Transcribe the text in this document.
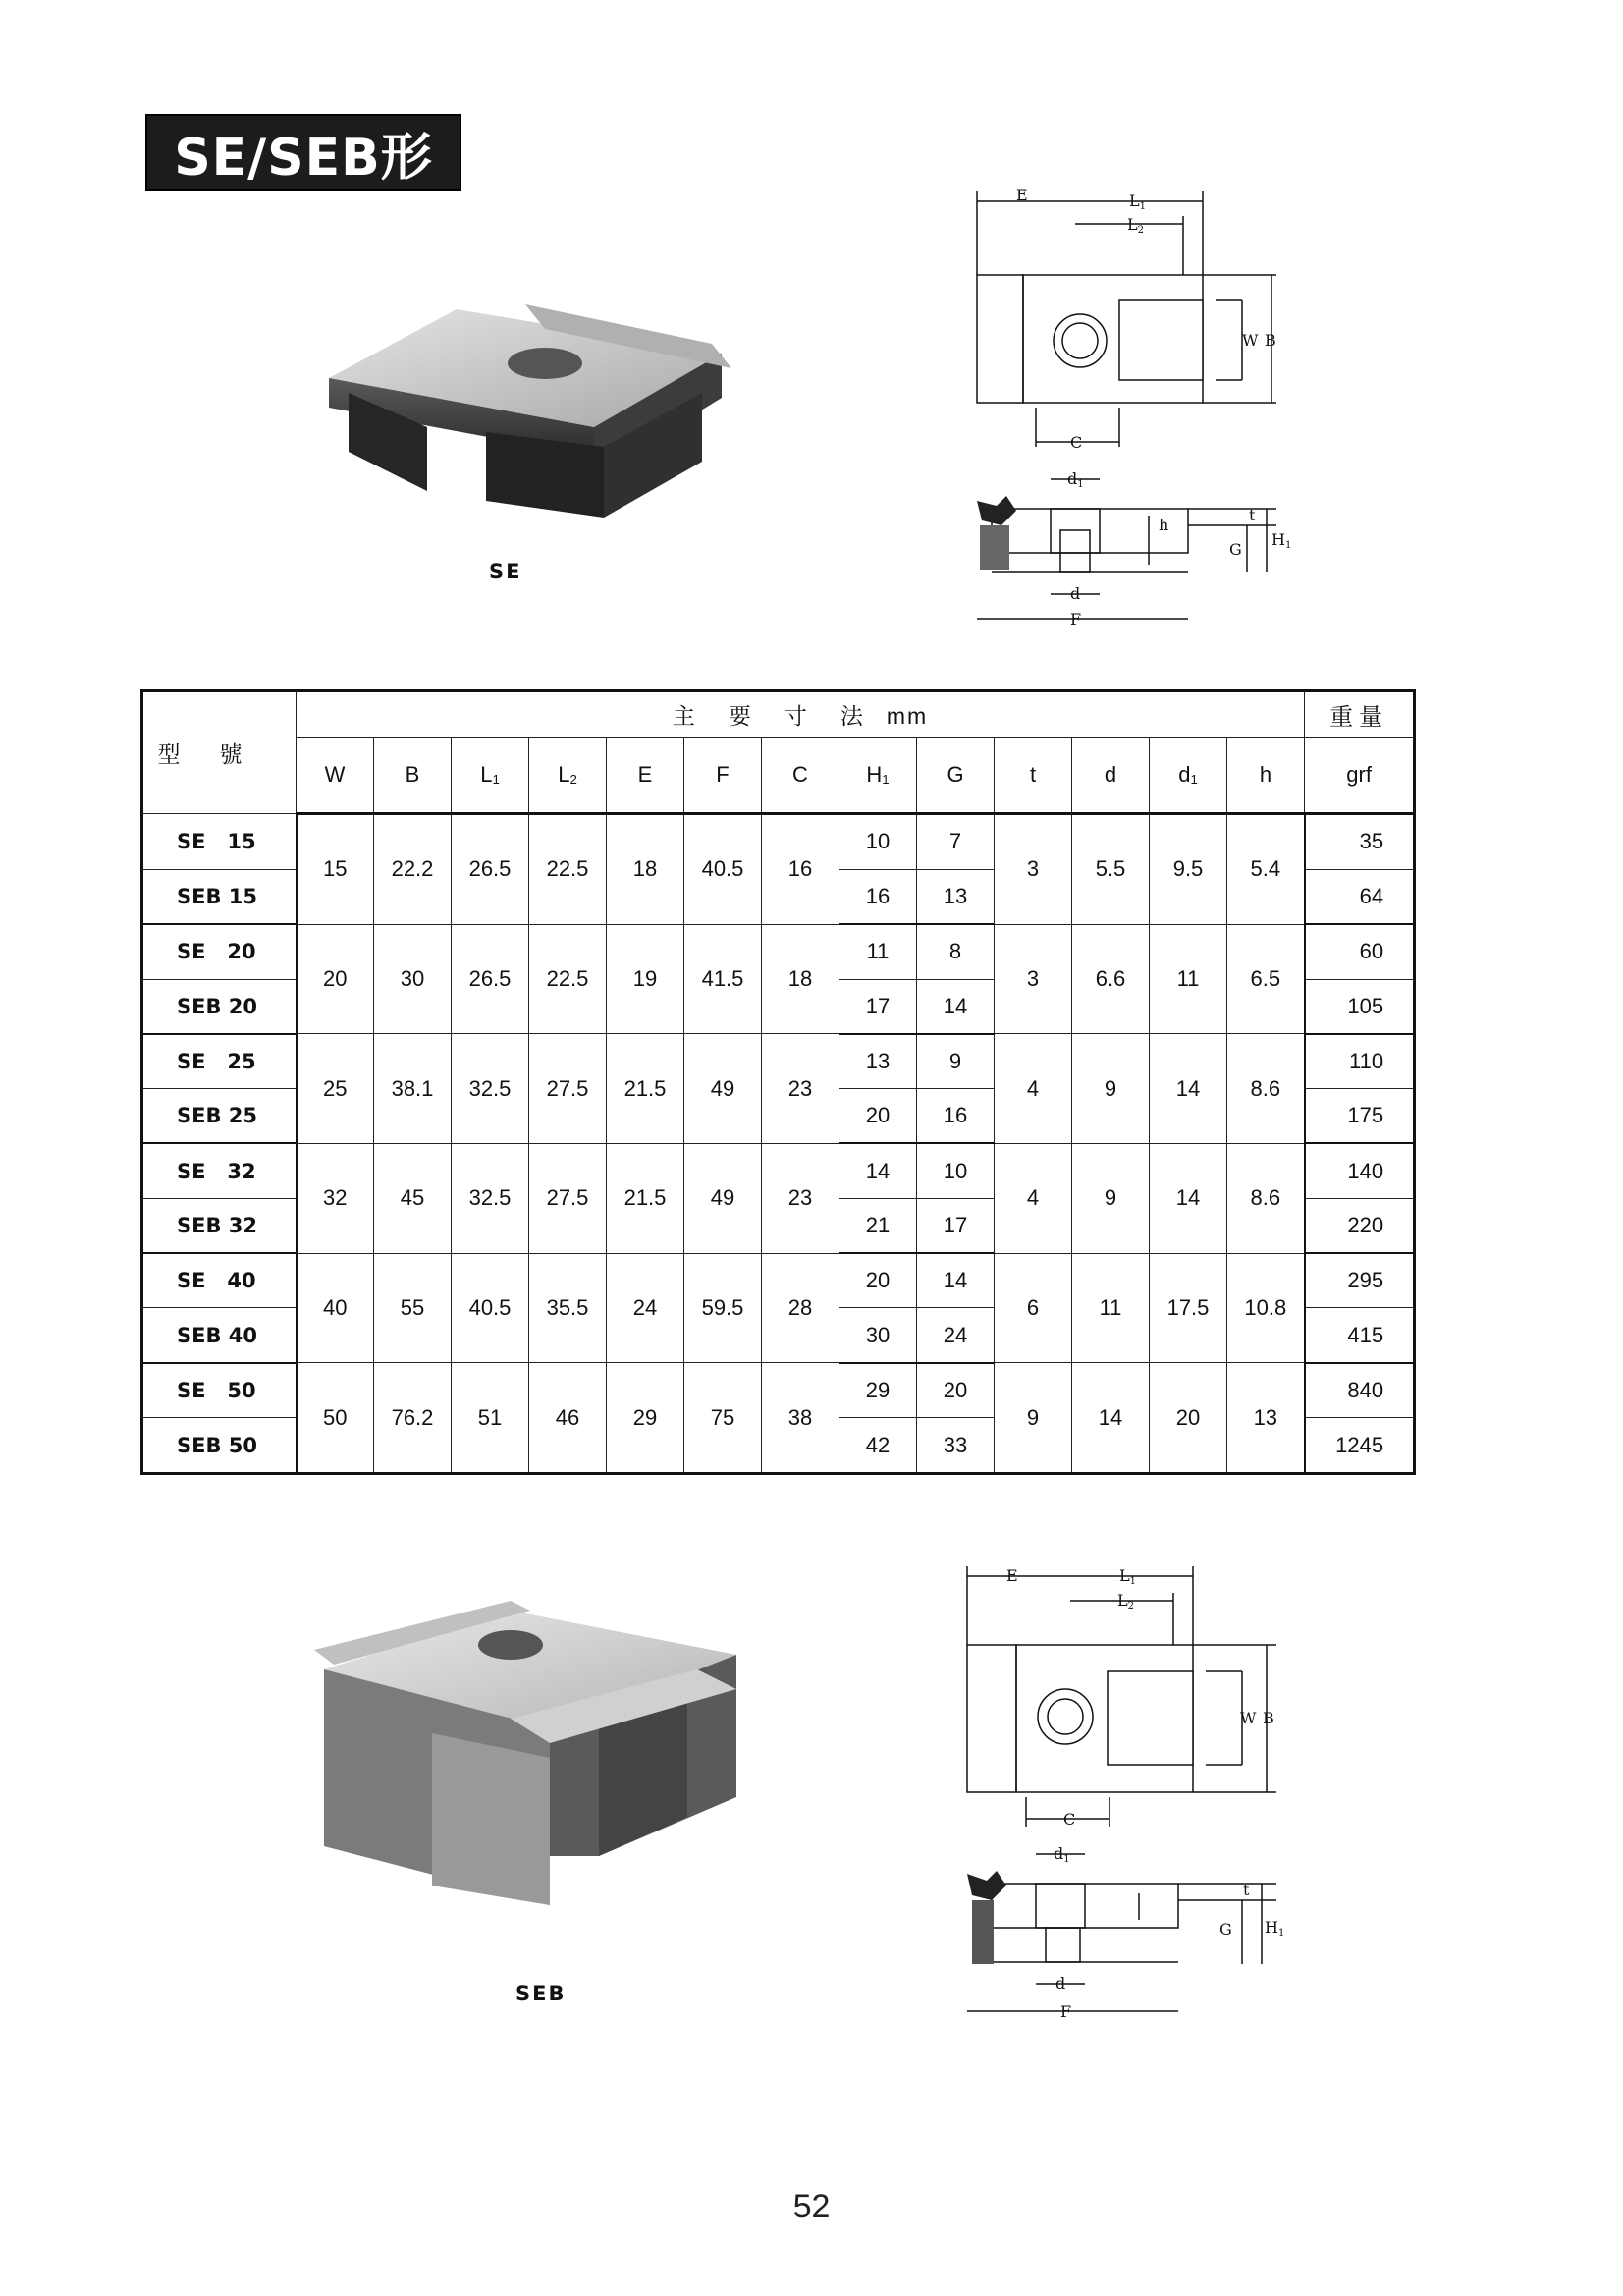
SE/SEB形
SE
E	L1
L2
W B
C
d1
h
t
G
H1
d
F
型號	主要寸法mm													重量
	W	B	$L_1$	$L_2$	E	F	C	$H_1$	G	t	d	$d_1$	h	grf
SE   15	15	22.2	26.5	22.5	18	40.5	16	10	7	3	5.5	9.5	5.4	35
SEB 15								16	13					64
SE   20	20	30	26.5	22.5	19	41.5	18	11	8	3	6.6	11	6.5	60
SEB 20								17	14					105
SE   25	25	38.1	32.5	27.5	21.5	49	23	13	9	4	9	14	8.6	110
SEB 25								20	16					175
SE   32	32	45	32.5	27.5	21.5	49	23	14	10	4	9	14	8.6	140
SEB 32								21	17					220
SE   40	40	55	40.5	35.5	24	59.5	28	20	14	6	11	17.5	10.8	295
SEB 40								30	24					415
SE   50	50	76.2	51	46	29	75	38	29	20	9	14	20	13	840
SEB 50								42	33					1245
SEB
E	L1
L2
W B
C
d1
t
G H1
d
F
52
